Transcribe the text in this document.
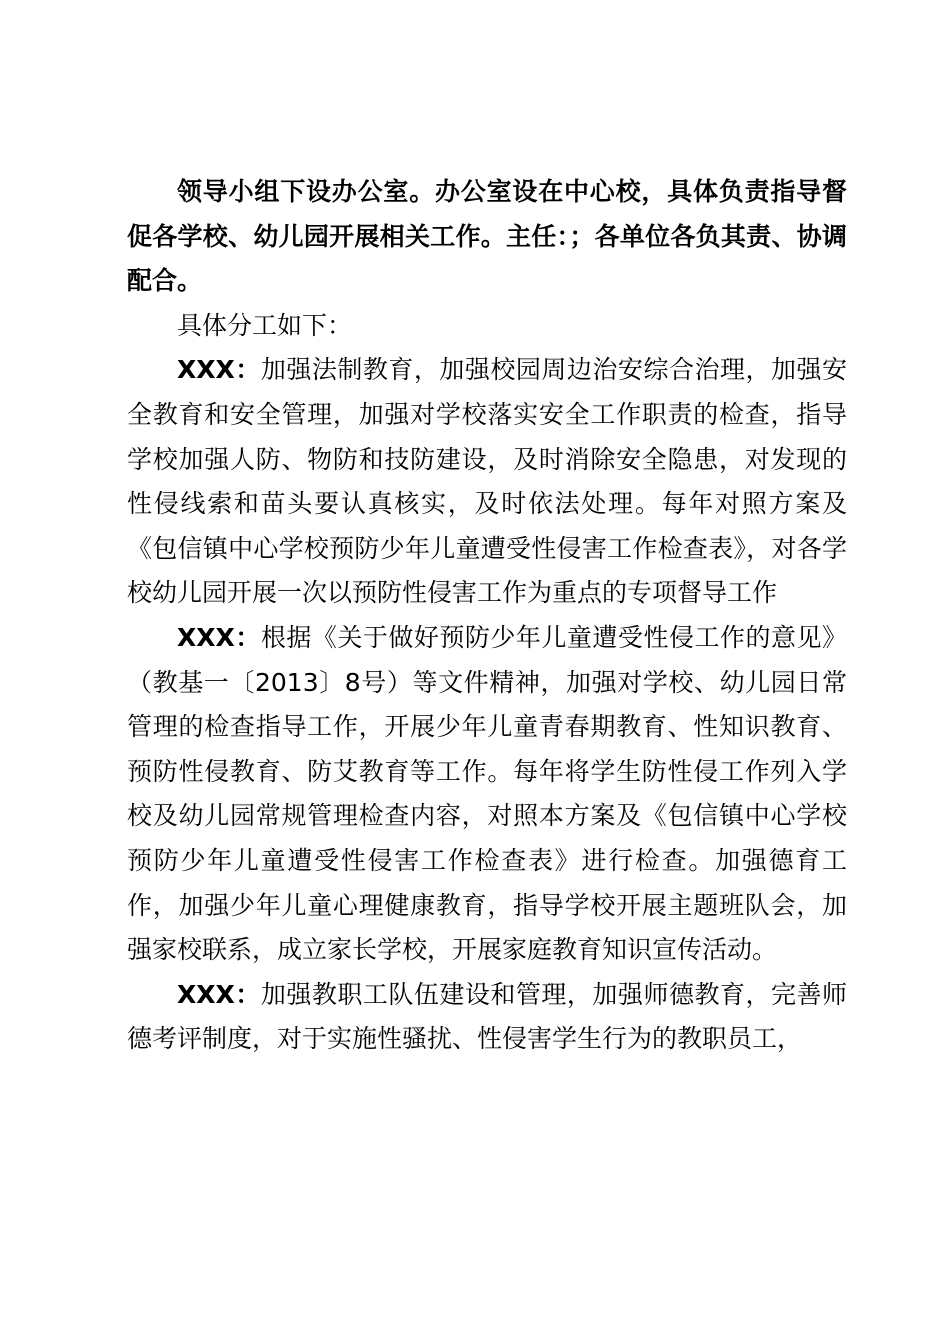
领导小组下设办公室。办公室设在中心校，具体负责指导督促各学校、幼儿园开展相关工作。主任：；各单位各负其责、协调配合。

具体分工如下：

XXX：加强法制教育，加强校园周边治安综合治理，加强安全教育和安全管理，加强对学校落实安全工作职责的检查，指导学校加强人防、物防和技防建设，及时消除安全隐患，对发现的性侵线索和苗头要认真核实，及时依法处理。每年对照方案及《包信镇中心学校预防少年儿童遭受性侵害工作检查表》，对各学校幼儿园开展一次以预防性侵害工作为重点的专项督导工作

XXX：根据《关于做好预防少年儿童遭受性侵工作的意见》（教基一〔2013〕8号）等文件精神，加强对学校、幼儿园日常管理的检查指导工作，开展少年儿童青春期教育、性知识教育、预防性侵教育、防艾教育等工作。每年将学生防性侵工作列入学校及幼儿园常规管理检查内容，对照本方案及《包信镇中心学校预防少年儿童遭受性侵害工作检查表》进行检查。加强德育工作，加强少年儿童心理健康教育，指导学校开展主题班队会，加强家校联系，成立家长学校，开展家庭教育知识宣传活动。

XXX：加强教职工队伍建设和管理，加强师德教育，完善师德考评制度，对于实施性骚扰、性侵害学生行为的教职员工，
